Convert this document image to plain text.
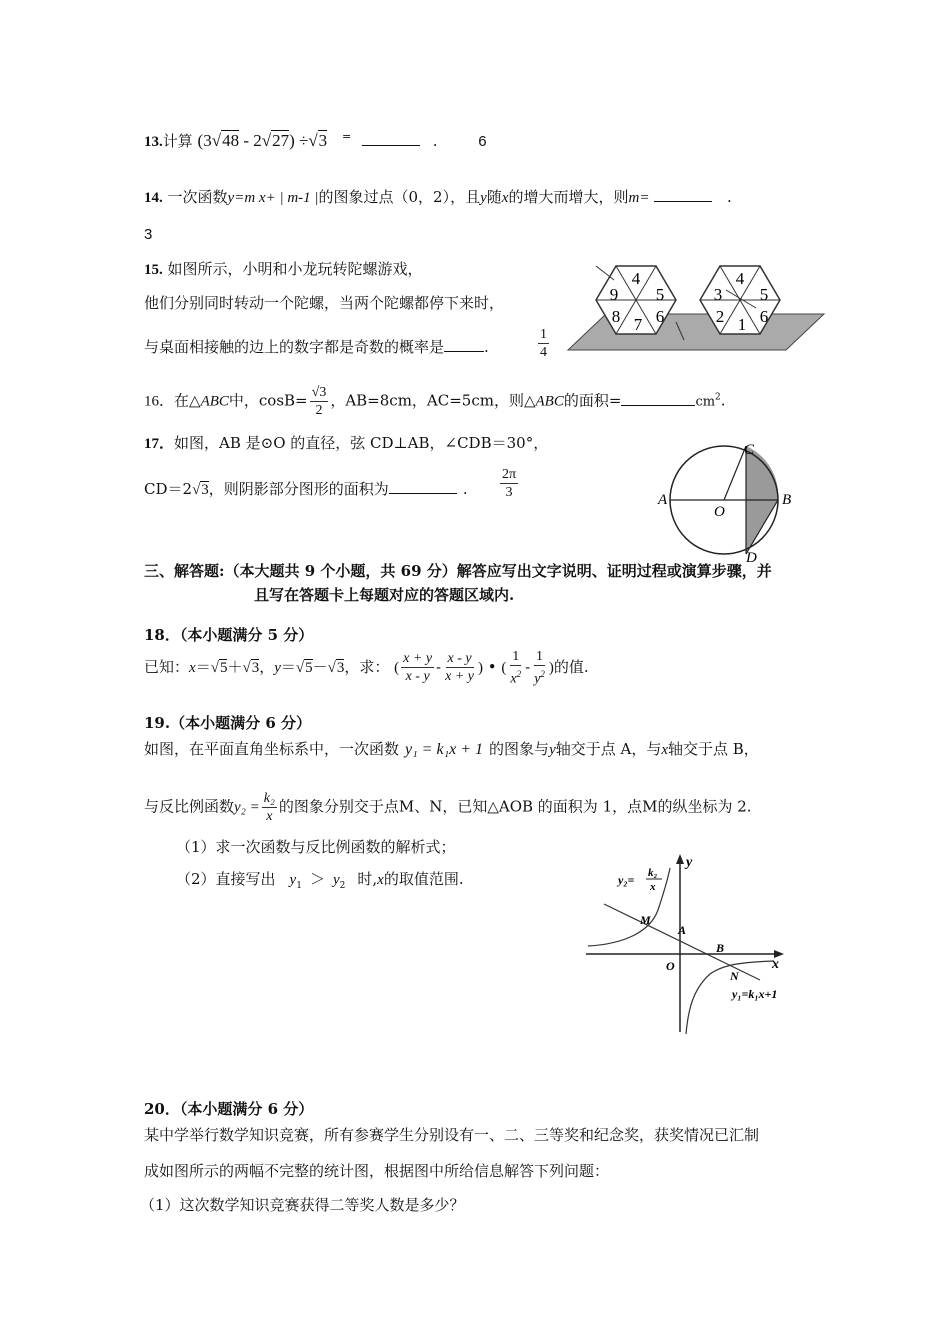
13.计算 (3√48 - 2√27) ÷√3 =	.	6
14. 一次函数y=m x+ | m-1 |的图象过点（0，2），且y随x的增大而增大，则m=	.
3
15. 如图所示，小明和小龙玩转陀螺游戏，
他们分别同时转动一个陀螺，当两个陀螺都停下来时，
与桌面相接触的边上的数字都是奇数的概率是	.	$\frac{1}{4}$
4
9 5
8 7 6
4
3 5
2 1 6
16．在△ABC中，$\cos B= \frac{√3}{2}$ ，AB=8cm，AC=5cm，则△ABC的面积=	$cm^2$.
17．如图，AB 是⊙O 的直径，弦 CD⊥AB，∠CDB＝30°，
CD＝2√3，则阴影部分图形的面积为	. $\frac{2\pi}{3}$	A	B
C
D
O
三、解答题:（本大题共 9 个小题，共 69 分）解答应写出文字说明、证明过程或演算步骤，并
且写在答题卡上每题对应的答题区域内.
18．（本小题满分 5 分）
已知：x＝√5＋√3，y＝√5－√3，求： ( $\frac{x + y}{x - y} - \frac{x - y}{x + y}$ ) • ( $\frac{1}{x^2} - \frac{1}{y^2}$ )的值.
19.（本小题满分 6 分）
如图，在平面直角坐标系中，一次函数 y₁ = k₁x + 1 的图象与y轴交于点 A，与x轴交于点 B，
与反比例函数$y_2 = \frac{\text{k₂}}{x}$ 的图象分别交于点M、N，已知△AOB 的面积为 1，点M的纵坐标为 2.
（1）求一次函数与反比例函数的解析式；
（2）直接写出 $y_1 > y_2$ 时,x的取值范围.	y₂= k₂
x
M
A
B
O
N
x
y
y₁=k₁x+1
20．（本小题满分 6 分）
某中学举行数学知识竞赛，所有参赛学生分别设有一、二、三等奖和纪念奖，获奖情况已汇制
成如图所示的两幅不完整的统计图，根据图中所给信息解答下列问题：
（1）这次数学知识竞赛获得二等奖人数是多少？
